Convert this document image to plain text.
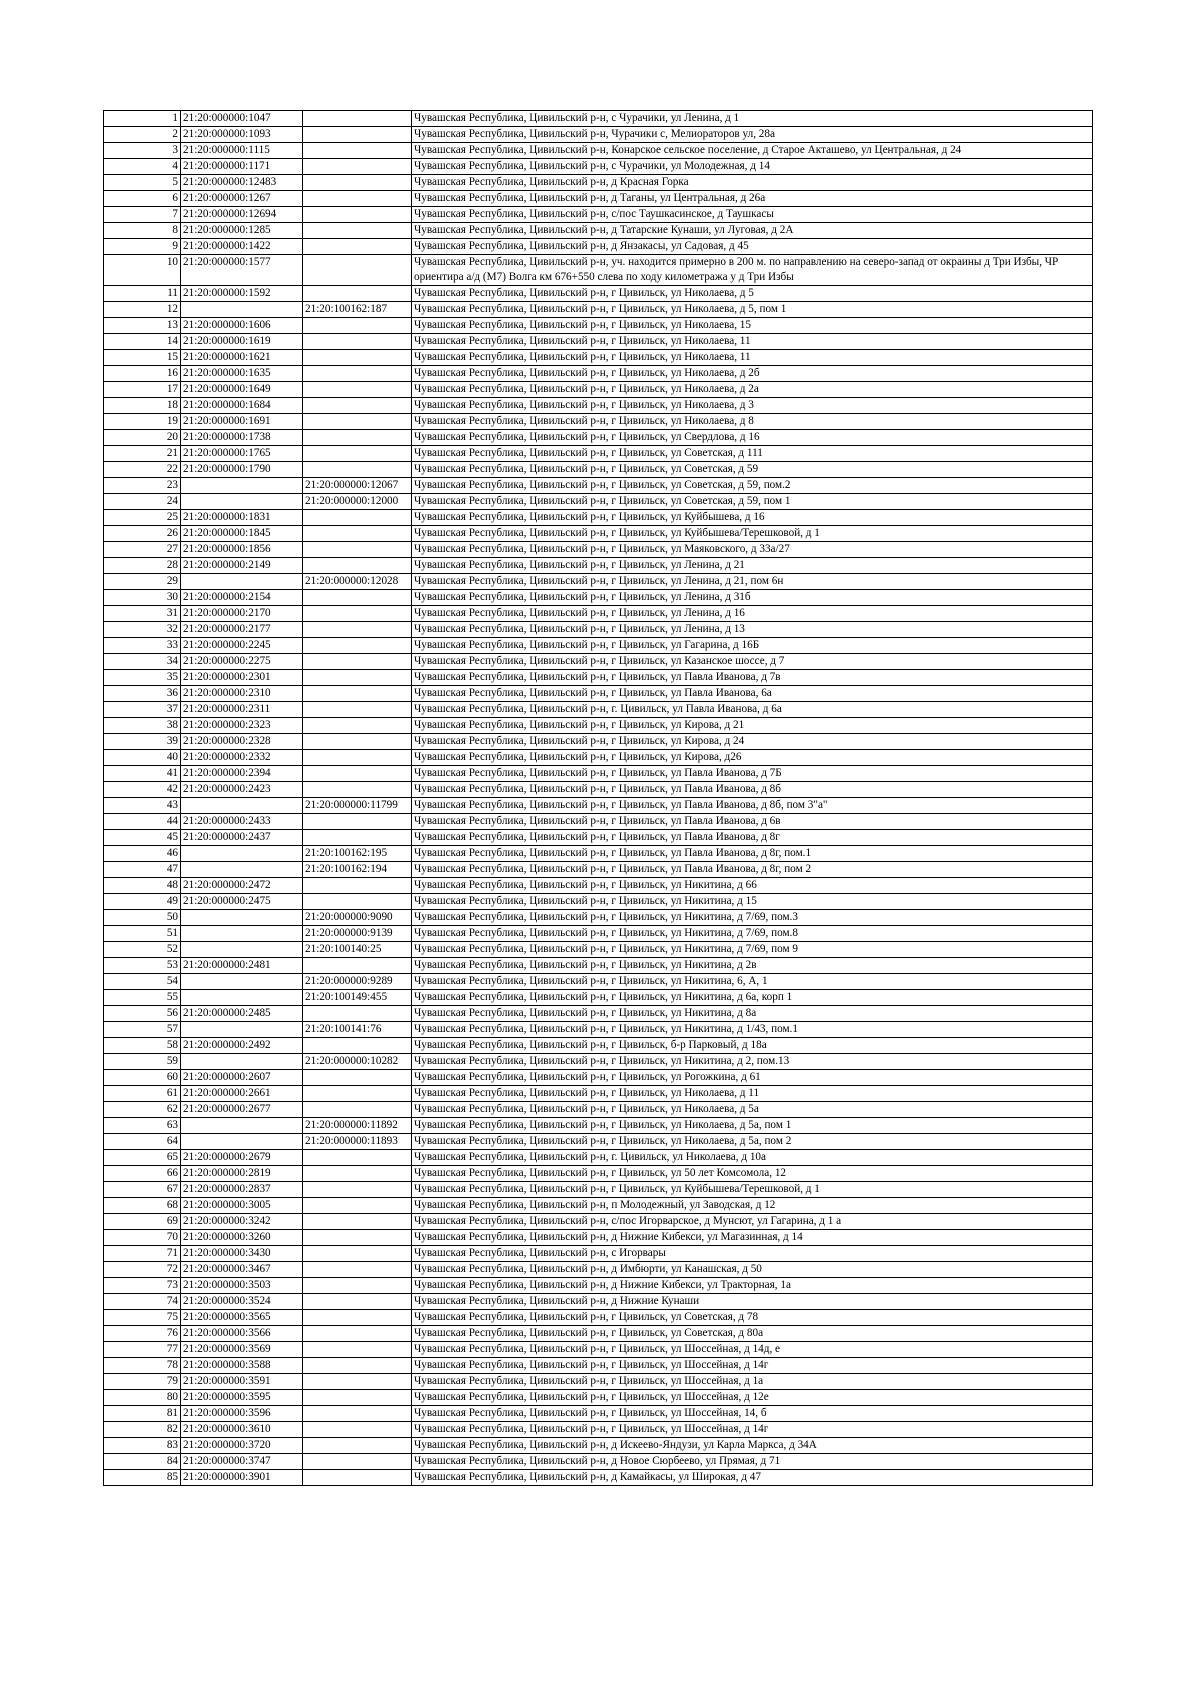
1	21:20:000000:1047		Чувашская Республика, Цивильский р-н, с Чурачики, ул Ленина, д 1
2	21:20:000000:1093		Чувашская Республика, Цивильский р-н, Чурачики с, Мелиораторов ул, 28а
3	21:20:000000:1115		Чувашская Республика, Цивильский р-н, Конарское сельское поселение, д Старое Акташево, ул Центральная, д 24
4	21:20:000000:1171		Чувашская Республика, Цивильский р-н, с Чурачики, ул Молодежная, д 14
5	21:20:000000:12483		Чувашская Республика, Цивильский р-н, д Красная Горка
6	21:20:000000:1267		Чувашская Республика, Цивильский р-н, д Таганы, ул Центральная, д 26а
7	21:20:000000:12694		Чувашская Республика, Цивильский р-н, с/пос Таушкасинское, д Таушкасы
8	21:20:000000:1285		Чувашская Республика, Цивильский р-н, д Татарские Кунаши, ул Луговая, д 2А
9	21:20:000000:1422		Чувашская Республика, Цивильский р-н, д Янзакасы, ул Садовая, д 45
10	21:20:000000:1577		Чувашская Республика, Цивильский р-н, уч. находится примерно в 200 м. по направлению на северо-запад от окраины д Три Избы, ЧР ориентира а/д (М7) Волга км 676+550 слева по ходу километража у д Три Избы
11	21:20:000000:1592		Чувашская Республика, Цивильский р-н, г Цивильск, ул Николаева, д 5
12		21:20:100162:187	Чувашская Республика, Цивильский р-н, г Цивильск, ул Николаева, д 5, пом 1
13	21:20:000000:1606		Чувашская Республика, Цивильский р-н, г Цивильск, ул Николаева, 15
14	21:20:000000:1619		Чувашская Республика, Цивильский р-н, г Цивильск, ул Николаева, 11
15	21:20:000000:1621		Чувашская Республика, Цивильский р-н, г Цивильск, ул Николаева, 11
16	21:20:000000:1635		Чувашская Республика, Цивильский р-н, г Цивильск, ул Николаева, д 2б
17	21:20:000000:1649		Чувашская Республика, Цивильский р-н, г Цивильск, ул Николаева, д 2а
18	21:20:000000:1684		Чувашская Республика, Цивильский р-н, г Цивильск, ул Николаева, д 3
19	21:20:000000:1691		Чувашская Республика, Цивильский р-н, г Цивильск, ул Николаева, д 8
20	21:20:000000:1738		Чувашская Республика, Цивильский р-н, г Цивильск, ул Свердлова, д 16
21	21:20:000000:1765		Чувашская Республика, Цивильский р-н, г Цивильск, ул Советская, д 111
22	21:20:000000:1790		Чувашская Республика, Цивильский р-н, г Цивильск, ул Советская, д 59
23		21:20:000000:12067	Чувашская Республика, Цивильский р-н, г Цивильск, ул Советская, д 59, пом.2
24		21:20:000000:12000	Чувашская Республика, Цивильский р-н, г Цивильск, ул Советская, д 59, пом 1
25	21:20:000000:1831		Чувашская Республика, Цивильский р-н, г Цивильск, ул Куйбышева, д 16
26	21:20:000000:1845		Чувашская Республика, Цивильский р-н, г Цивильск, ул Куйбышева/Терешковой, д 1
27	21:20:000000:1856		Чувашская Республика, Цивильский р-н, г Цивильск, ул Маяковского, д 33а/27
28	21:20:000000:2149		Чувашская Республика, Цивильский р-н, г Цивильск, ул Ленина, д 21
29		21:20:000000:12028	Чувашская Республика, Цивильский р-н, г Цивильск, ул Ленина, д 21, пом 6н
30	21:20:000000:2154		Чувашская Республика, Цивильский р-н, г Цивильск, ул Ленина, д 31б
31	21:20:000000:2170		Чувашская Республика, Цивильский р-н, г Цивильск, ул Ленина, д 16
32	21:20:000000:2177		Чувашская Республика, Цивильский р-н, г Цивильск, ул Ленина, д 13
33	21:20:000000:2245		Чувашская Республика, Цивильский р-н, г Цивильск, ул Гагарина, д 16Б
34	21:20:000000:2275		Чувашская Республика, Цивильский р-н, г Цивильск, ул Казанское шоссе, д 7
35	21:20:000000:2301		Чувашская Республика, Цивильский р-н, г Цивильск, ул Павла Иванова, д 7в
36	21:20:000000:2310		Чувашская Республика, Цивильский р-н, г Цивильск, ул Павла Иванова, 6а
37	21:20:000000:2311		Чувашская Республика, Цивильский р-н, г. Цивильск, ул Павла Иванова, д 6а
38	21:20:000000:2323		Чувашская Республика, Цивильский р-н, г Цивильск, ул Кирова, д 21
39	21:20:000000:2328		Чувашская Республика, Цивильский р-н, г Цивильск, ул Кирова, д 24
40	21:20:000000:2332		Чувашская Республика, Цивильский р-н, г Цивильск, ул Кирова, д26
41	21:20:000000:2394		Чувашская Республика, Цивильский р-н, г Цивильск, ул Павла Иванова, д 7Б
42	21:20:000000:2423		Чувашская Республика, Цивильский р-н, г Цивильск, ул Павла Иванова, д 8б
43		21:20:000000:11799	Чувашская Республика, Цивильский р-н, г Цивильск, ул Павла Иванова, д 8б, пом 3"а"
44	21:20:000000:2433		Чувашская Республика, Цивильский р-н, г Цивильск, ул Павла Иванова, д 6в
45	21:20:000000:2437		Чувашская Республика, Цивильский р-н, г Цивильск, ул Павла Иванова, д 8г
46		21:20:100162:195	Чувашская Республика, Цивильский р-н, г Цивильск, ул Павла Иванова, д 8г, пом.1
47		21:20:100162:194	Чувашская Республика, Цивильский р-н, г Цивильск, ул Павла Иванова, д 8г, пом 2
48	21:20:000000:2472		Чувашская Республика, Цивильский р-н, г Цивильск, ул Никитина, д 66
49	21:20:000000:2475		Чувашская Республика, Цивильский р-н, г Цивильск, ул Никитина, д 15
50		21:20:000000:9090	Чувашская Республика, Цивильский р-н, г Цивильск, ул Никитина, д 7/69, пом.3
51		21:20:000000:9139	Чувашская Республика, Цивильский р-н, г Цивильск, ул Никитина, д 7/69, пом.8
52		21:20:100140:25	Чувашская Республика, Цивильский р-н, г Цивильск, ул Никитина, д 7/69, пом 9
53	21:20:000000:2481		Чувашская Республика, Цивильский р-н, г Цивильск, ул Никитина, д 2в
54		21:20:000000:9289	Чувашская Республика, Цивильский р-н, г Цивильск, ул Никитина, 6, А, 1
55		21:20:100149:455	Чувашская Республика, Цивильский р-н, г Цивильск, ул Никитина, д 6а, корп 1
56	21:20:000000:2485		Чувашская Республика, Цивильский р-н, г Цивильск, ул Никитина, д 8а
57		21:20:100141:76	Чувашская Республика, Цивильский р-н, г Цивильск, ул Никитина, д 1/43, пом.1
58	21:20:000000:2492		Чувашская Республика, Цивильский р-н, г Цивильск, б-р Парковый, д 18а
59		21:20:000000:10282	Чувашская Республика, Цивильский р-н, г Цивильск, ул Никитина, д 2, пом.13
60	21:20:000000:2607		Чувашская Республика, Цивильский р-н, г Цивильск, ул Рогожкина, д 61
61	21:20:000000:2661		Чувашская Республика, Цивильский р-н, г Цивильск, ул Николаева, д 11
62	21:20:000000:2677		Чувашская Республика, Цивильский р-н, г Цивильск, ул Николаева, д 5а
63		21:20:000000:11892	Чувашская Республика, Цивильский р-н, г Цивильск, ул Николаева, д 5а, пом 1
64		21:20:000000:11893	Чувашская Республика, Цивильский р-н, г Цивильск, ул Николаева, д 5а, пом 2
65	21:20:000000:2679		Чувашская Республика, Цивильский р-н, г. Цивильск, ул Николаева, д 10а
66	21:20:000000:2819		Чувашская Республика, Цивильский р-н, г Цивильск, ул 50 лет Комсомола, 12
67	21:20:000000:2837		Чувашская Республика, Цивильский р-н, г Цивильск, ул Куйбышева/Терешковой, д 1
68	21:20:000000:3005		Чувашская Республика, Цивильский р-н, п Молодежный, ул Заводская, д 12
69	21:20:000000:3242		Чувашская Республика, Цивильский р-н, с/пос Игорварское, д Мунсют, ул Гагарина, д 1 а
70	21:20:000000:3260		Чувашская Республика, Цивильский р-н, д Нижние Кибекси, ул Магазинная, д 14
71	21:20:000000:3430		Чувашская Республика, Цивильский р-н, с Игорвары
72	21:20:000000:3467		Чувашская Республика, Цивильский р-н, д Имбюрти, ул Канашская, д 50
73	21:20:000000:3503		Чувашская Республика, Цивильский р-н, д Нижние Кибекси, ул Тракторная, 1а
74	21:20:000000:3524		Чувашская Республика, Цивильский р-н, д Нижние Кунаши
75	21:20:000000:3565		Чувашская Республика, Цивильский р-н, г Цивильск, ул Советская, д 78
76	21:20:000000:3566		Чувашская Республика, Цивильский р-н, г Цивильск, ул Советская, д 80а
77	21:20:000000:3569		Чувашская Республика, Цивильский р-н, г Цивильск, ул Шоссейная, д 14д, е
78	21:20:000000:3588		Чувашская Республика, Цивильский р-н, г Цивильск, ул Шоссейная, д 14г
79	21:20:000000:3591		Чувашская Республика, Цивильский р-н, г Цивильск, ул Шоссейная, д 1а
80	21:20:000000:3595		Чувашская Республика, Цивильский р-н, г Цивильск, ул Шоссейная, д 12е
81	21:20:000000:3596		Чувашская Республика, Цивильский р-н, г Цивильск, ул Шоссейная, 14, б
82	21:20:000000:3610		Чувашская Республика, Цивильский р-н, г Цивильск, ул Шоссейная, д 14г
83	21:20:000000:3720		Чувашская Республика, Цивильский р-н, д Искеево-Яндузи, ул Карла Маркса, д 34А
84	21:20:000000:3747		Чувашская Республика, Цивильский р-н, д Новое Сюрбеево, ул Прямая, д 71
85	21:20:000000:3901		Чувашская Республика, Цивильский р-н, д Камайкасы, ул Широкая, д 47
